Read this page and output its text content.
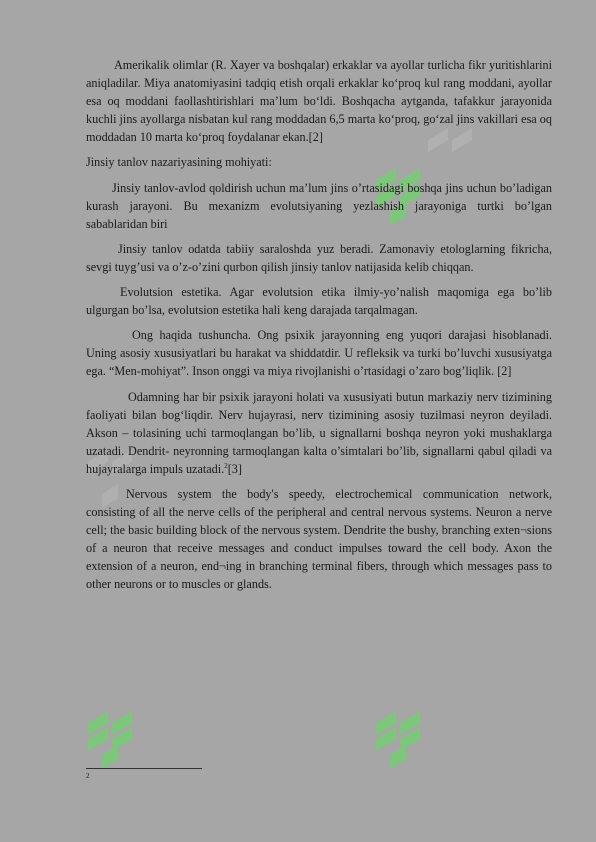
Amerikalik olimlar (R. Xayer va boshqalar) erkaklar va ayollar turlicha fikr yuritishlarini aniqladilar. Miya anatomiyasini tadqiq etish orqali erkaklar ko‘proq kul rang moddani, ayollar esa oq moddani faollashtirishlari ma’lum bo‘ldi. Boshqacha aytganda, tafakkur jarayonida kuchli jins ayollarga nisbatan kul rang moddadan 6,5 marta ko‘proq, go‘zal jins vakillari esa oq moddadan 10 marta ko‘proq foydalanar ekan.[2]

Jinsiy tanlov nazariyasining mohiyati:

Jinsiy tanlov-avlod qoldirish uchun ma’lum jins o’rtasidagi boshqa jins uchun bo’ladigan kurash jarayoni. Bu mexanizm evolutsiyaning yezlashish jarayoniga turtki bo’lgan sabablaridan biri

Jinsiy tanlov odatda tabiiy saraloshda yuz beradi. Zamonaviy etologlarning fikricha, sevgi tuyg’usi va o’z-o’zini qurbon qilish jinsiy tanlov natijasida kelib chiqqan.

Evolutsion estetika. Agar evolutsion etika ilmiy-yo’nalish maqomiga ega bo’lib ulgurgan bo’lsa, evolutsion estetika hali keng darajada tarqalmagan.

Ong haqida tushuncha. Ong psixik jarayonning eng yuqori darajasi hisoblanadi. Uning asosiy xususiyatlari bu harakat va shiddatdir. U refleksik va turki bo’luvchi xususiyatga ega. “Men-mohiyat”. Inson onggi va miya rivojlanishi o’rtasidagi o’zaro bog’liqlik. [2]

Odamning har bir psixik jarayoni holati va xususiyati butun markaziy nerv tizimining faoliyati bilan bog‘liqdir. Nerv hujayrasi, nerv tizimining asosiy tuzilmasi neyron deyiladi. Akson – tolasining uchi tarmoqlangan bo’lib, u signallarni boshqa neyron yoki mushaklarga uzatadi. Dendrit- neyronning tarmoqlangan kalta o’simtalari bo’lib, signallarni qabul qiladi va hujayralarga impuls uzatadi.$^2$[3]

Nervous system the body's speedy, electrochemical communication network, consisting of all the nerve cells of the peripheral and central nervous systems. Neuron a nerve cell; the basic building block of the nervous system. Dendrite the bushy, branching exten¬sions of a neuron that receive messages and conduct impulses toward the cell body. Axon the extension of a neuron, end¬ing in branching terminal fibers, through which messages pass to other neurons or to muscles or glands.

2
